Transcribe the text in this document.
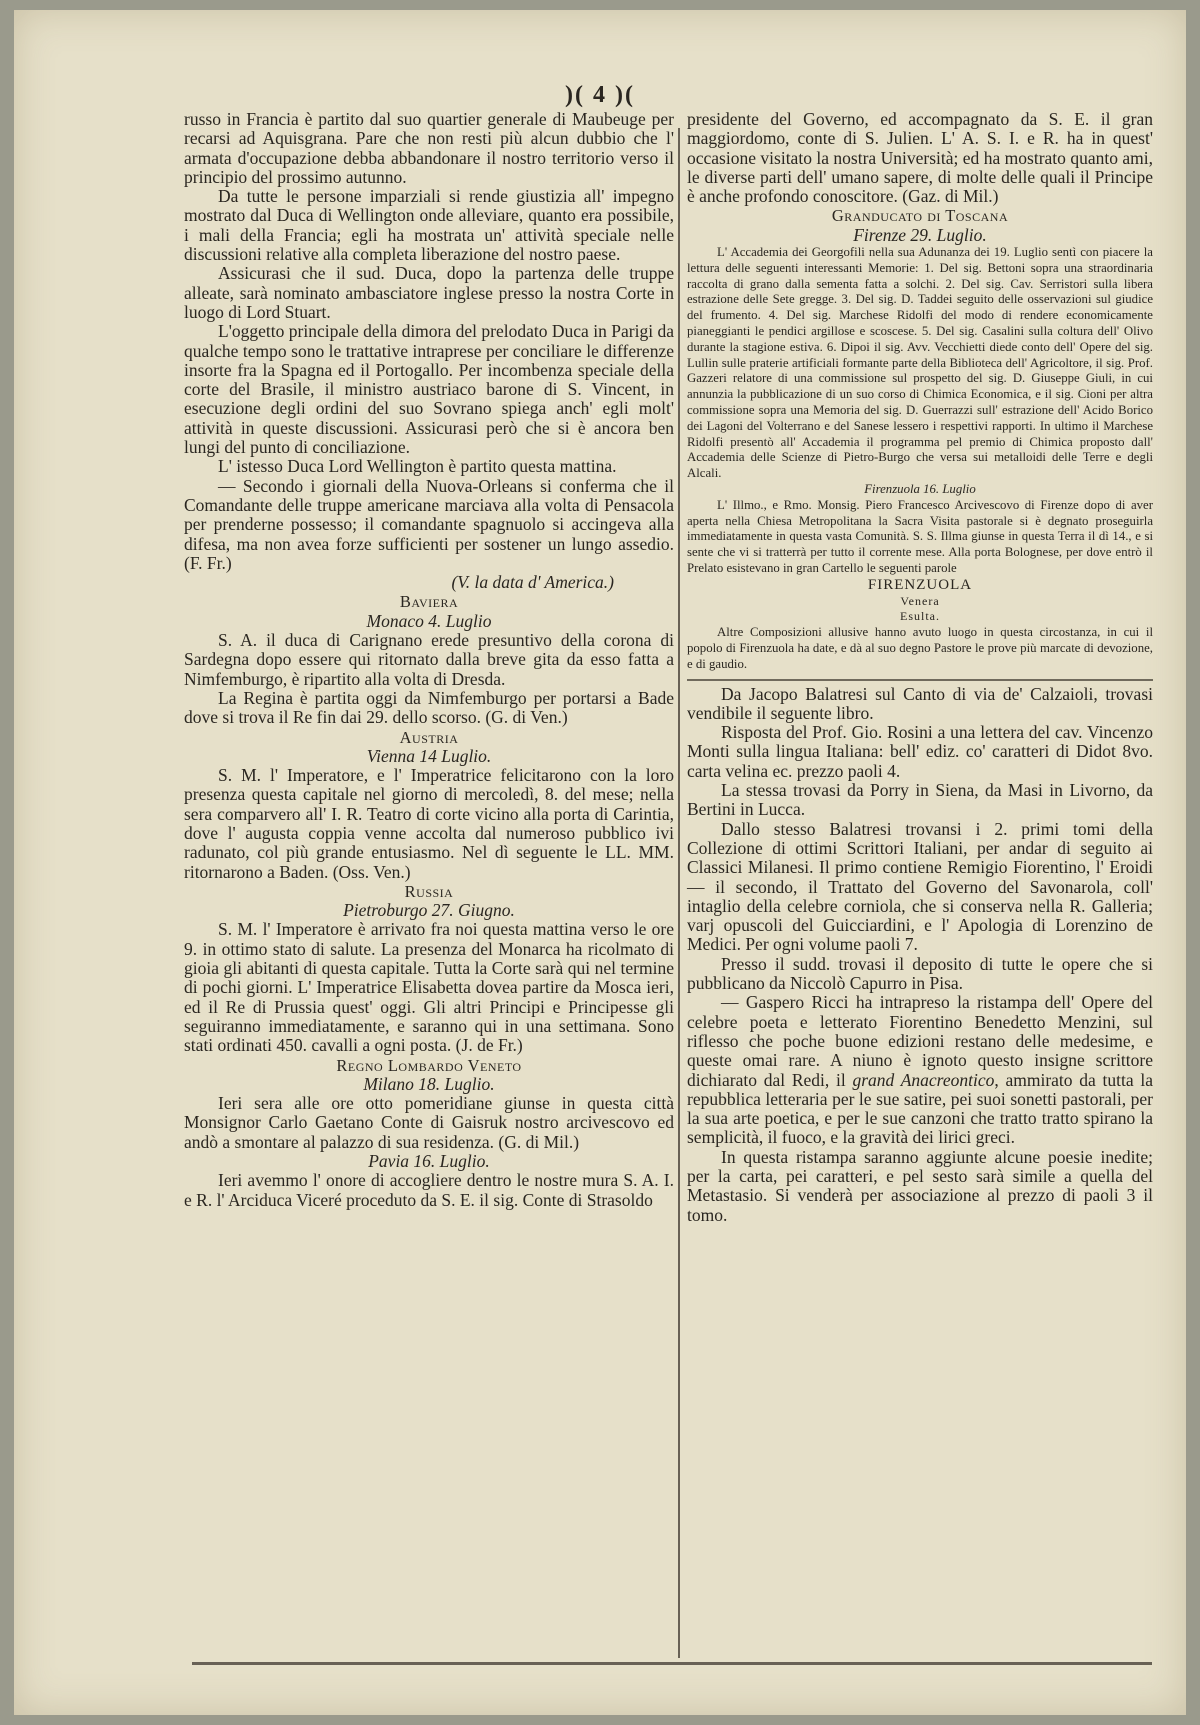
)( 4 )(

russo in Francia è partito dal suo quartier generale di Maubeuge per recarsi ad Aquisgrana. Pare che non resti più alcun dubbio che l' armata d'occupazione debba abbandonare il nostro territorio verso il principio del prossimo autunno.

Da tutte le persone imparziali si rende giustizia all' impegno mostrato dal Duca di Wellington onde alleviare, quanto era possibile, i mali della Francia; egli ha mostrata un' attività speciale nelle discussioni relative alla completa liberazione del nostro paese.

Assicurasi che il sud. Duca, dopo la partenza delle truppe alleate, sarà nominato ambasciatore inglese presso la nostra Corte in luogo di Lord Stuart.

L'oggetto principale della dimora del prelodato Duca in Parigi da qualche tempo sono le trattative intraprese per conciliare le differenze insorte fra la Spagna ed il Portogallo. Per incombenza speciale della corte del Brasile, il ministro austriaco barone di S. Vincent, in esecuzione degli ordini del suo Sovrano spiega anch' egli molt' attività in queste discussioni. Assicurasi però che si è ancora ben lungi del punto di conciliazione.

L' istesso Duca Lord Wellington è partito questa mattina.

— Secondo i giornali della Nuova-Orleans si conferma che il Comandante delle truppe americane marciava alla volta di Pensacola per prenderne possesso; il comandante spagnuolo si accingeva alla difesa, ma non avea forze sufficienti per sostener un lungo assedio. (F. Fr.)

(V. la data d' America.)
Baviera
Monaco 4. Luglio

S. A. il duca di Carignano erede presuntivo della corona di Sardegna dopo essere qui ritornato dalla breve gita da esso fatta a Nimfemburgo, è ripartito alla volta di Dresda.

La Regina è partita oggi da Nimfemburgo per portarsi a Bade dove si trova il Re fin dai 29. dello scorso. (G. di Ven.)

Austria
Vienna 14 Luglio.

S. M. l' Imperatore, e l' Imperatrice felicitarono con la loro presenza questa capitale nel giorno di mercoledì, 8. del mese; nella sera comparvero all' I. R. Teatro di corte vicino alla porta di Carintia, dove l' augusta coppia venne accolta dal numeroso pubblico ivi radunato, col più grande entusiasmo. Nel dì seguente le LL. MM. ritornarono a Baden. (Oss. Ven.)

Russia
Pietroburgo 27. Giugno.

S. M. l' Imperatore è arrivato fra noi questa mattina verso le ore 9. in ottimo stato di salute. La presenza del Monarca ha ricolmato di gioia gli abitanti di questa capitale. Tutta la Corte sarà qui nel termine di pochi giorni. L' Imperatrice Elisabetta dovea partire da Mosca ieri, ed il Re di Prussia quest' oggi. Gli altri Principi e Principesse gli seguiranno immediatamente, e saranno qui in una settimana. Sono stati ordinati 450. cavalli a ogni posta. (J. de Fr.)

Regno Lombardo Veneto
Milano 18. Luglio.

Ieri sera alle ore otto pomeridiane giunse in questa città Monsignor Carlo Gaetano Conte di Gaisruk nostro arcivescovo ed andò a smontare al palazzo di sua residenza. (G. di Mil.)

Pavia 16. Luglio.

Ieri avemmo l' onore di accogliere dentro le nostre mura S. A. I. e R. l' Arciduca Viceré proceduto da S. E. il sig. Conte di Strasoldo

presidente del Governo, ed accompagnato da S. E. il gran maggiordomo, conte di S. Julien. L' A. S. I. e R. ha in quest' occasione visitato la nostra Università; ed ha mostrato quanto ami, le diverse parti dell' umano sapere, di molte delle quali il Principe è anche profondo conoscitore. (Gaz. di Mil.)

Granducato di Toscana
Firenze 29. Luglio.

L' Accademia dei Georgofili nella sua Adunanza dei 19. Luglio sentì con piacere la lettura delle seguenti interessanti Memorie: 1. Del sig. Bettoni sopra una straordinaria raccolta di grano dalla sementa fatta a solchi. 2. Del sig. Cav. Serristori sulla libera estrazione delle Sete gregge. 3. Del sig. D. Taddei seguito delle osservazioni sul giudice del frumento. 4. Del sig. Marchese Ridolfi del modo di rendere economicamente pianeggianti le pendici argillose e scoscese. 5. Del sig. Casalini sulla coltura dell' Olivo durante la stagione estiva. 6. Dipoi il sig. Avv. Vecchietti diede conto dell' Opere del sig. Lullin sulle praterie artificiali formante parte della Biblioteca dell' Agricoltore, il sig. Prof. Gazzeri relatore di una commissione sul prospetto del sig. D. Giuseppe Giuli, in cui annunzia la pubblicazione di un suo corso di Chimica Economica, e il sig. Cioni per altra commissione sopra una Memoria del sig. D. Guerrazzi sull' estrazione dell' Acido Borico dei Lagoni del Volterrano e del Sanese lessero i respettivi rapporti. In ultimo il Marchese Ridolfi presentò all' Accademia il programma pel premio di Chimica proposto dall' Accademia delle Scienze di Pietro-Burgo che versa sui metalloidi delle Terre e degli Alcali.

Firenzuola 16. Luglio

L' Illmo., e Rmo. Monsig. Piero Francesco Arcivescovo di Firenze dopo di aver aperta nella Chiesa Metropolitana la Sacra Visita pastorale si è degnato proseguirla immediatamente in questa vasta Comunità. S. S. Illma giunse in questa Terra il dì 14., e si sente che vi si tratterrà per tutto il corrente mese. Alla porta Bolognese, per dove entrò il Prelato esistevano in gran Cartello le seguenti parole

FIRENZUOLA
Venera
Esulta.

Altre Composizioni allusive hanno avuto luogo in questa circostanza, in cui il popolo di Firenzuola ha date, e dà al suo degno Pastore le prove più marcate di devozione, e di gaudio.

Da Jacopo Balatresi sul Canto di via de' Calzaioli, trovasi vendibile il seguente libro.

Risposta del Prof. Gio. Rosini a una lettera del cav. Vincenzo Monti sulla lingua Italiana: bell' ediz. co' caratteri di Didot 8vo. carta velina ec. prezzo paoli 4.

La stessa trovasi da Porry in Siena, da Masi in Livorno, da Bertini in Lucca.

Dallo stesso Balatresi trovansi i 2. primi tomi della Collezione di ottimi Scrittori Italiani, per andar di seguito ai Classici Milanesi. Il primo contiene Remigio Fiorentino, l' Eroidi — il secondo, il Trattato del Governo del Savonarola, coll' intaglio della celebre corniola, che si conserva nella R. Galleria; varj opuscoli del Guicciardini, e l' Apologia di Lorenzino de Medici. Per ogni volume paoli 7.

Presso il sudd. trovasi il deposito di tutte le opere che si pubblicano da Niccolò Capurro in Pisa.

— Gaspero Ricci ha intrapreso la ristampa dell' Opere del celebre poeta e letterato Fiorentino Benedetto Menzini, sul riflesso che poche buone edizioni restano delle medesime, e queste omai rare. A niuno è ignoto questo insigne scrittore dichiarato dal Redi, il grand Anacreontico, ammirato da tutta la repubblica letteraria per le sue satire, pei suoi sonetti pastorali, per la sua arte poetica, e per le sue canzoni che tratto tratto spirano la semplicità, il fuoco, e la gravità dei lirici greci.

In questa ristampa saranno aggiunte alcune poesie inedite; per la carta, pei caratteri, e pel sesto sarà simile a quella del Metastasio. Si venderà per associazione al prezzo di paoli 3 il tomo.
